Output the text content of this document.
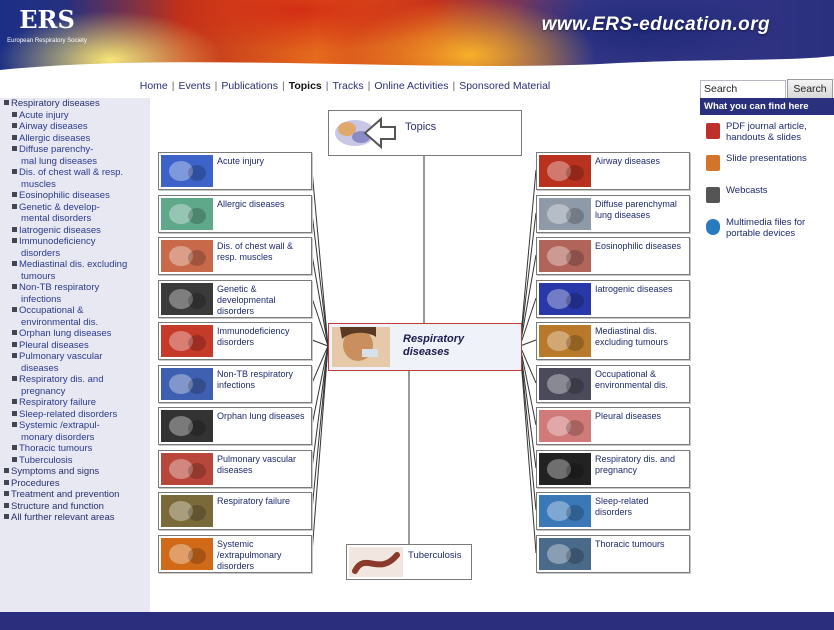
ERS
European Respiratory Society
www.ERS-education.org
Home | Events | Publications | Topics | Tracks | Online Activities | Sponsored Material	Search	Search
Respiratory diseases
Acute injury
Airway diseases
Allergic diseases
Diffuse parenchy-
mal lung diseases
Dis. of chest wall & resp.
muscles
Eosinophilic diseases
Genetic & develop-
mental disorders
Iatrogenic diseases
Immunodeficiency
disorders
Mediastinal dis. excluding
tumours
Non-TB respiratory
infections
Occupational &
environmental dis.
Orphan lung diseases
Pleural diseases
Pulmonary vascular
diseases
Respiratory dis. and
pregnancy
Respiratory failure
Sleep-related disorders
Systemic /extrapul-
monary disorders
Thoracic tumours
Tuberculosis
Symptoms and signs
Procedures
Treatment and prevention
Structure and function
All further relevant areas
Topics
Respiratory
diseases
Tuberculosis
Acute injury
Allergic diseases
Dis. of chest wall & resp. muscles
Genetic & developmental disorders
Immunodeficiency disorders
Non-TB respiratory infections
Orphan lung diseases
Pulmonary vascular diseases
Respiratory failure
Systemic /extrapulmonary disorders
Airway diseases
Diffuse parenchymal lung diseases
Eosinophilic diseases
Iatrogenic diseases
Mediastinal dis. excluding tumours
Occupational & environmental dis.
Pleural diseases
Respiratory dis. and pregnancy
Sleep-related disorders
Thoracic tumours
What you can find here
PDF journal article, handouts & slides
Slide presentations
Webcasts
Multimedia files for portable devices
